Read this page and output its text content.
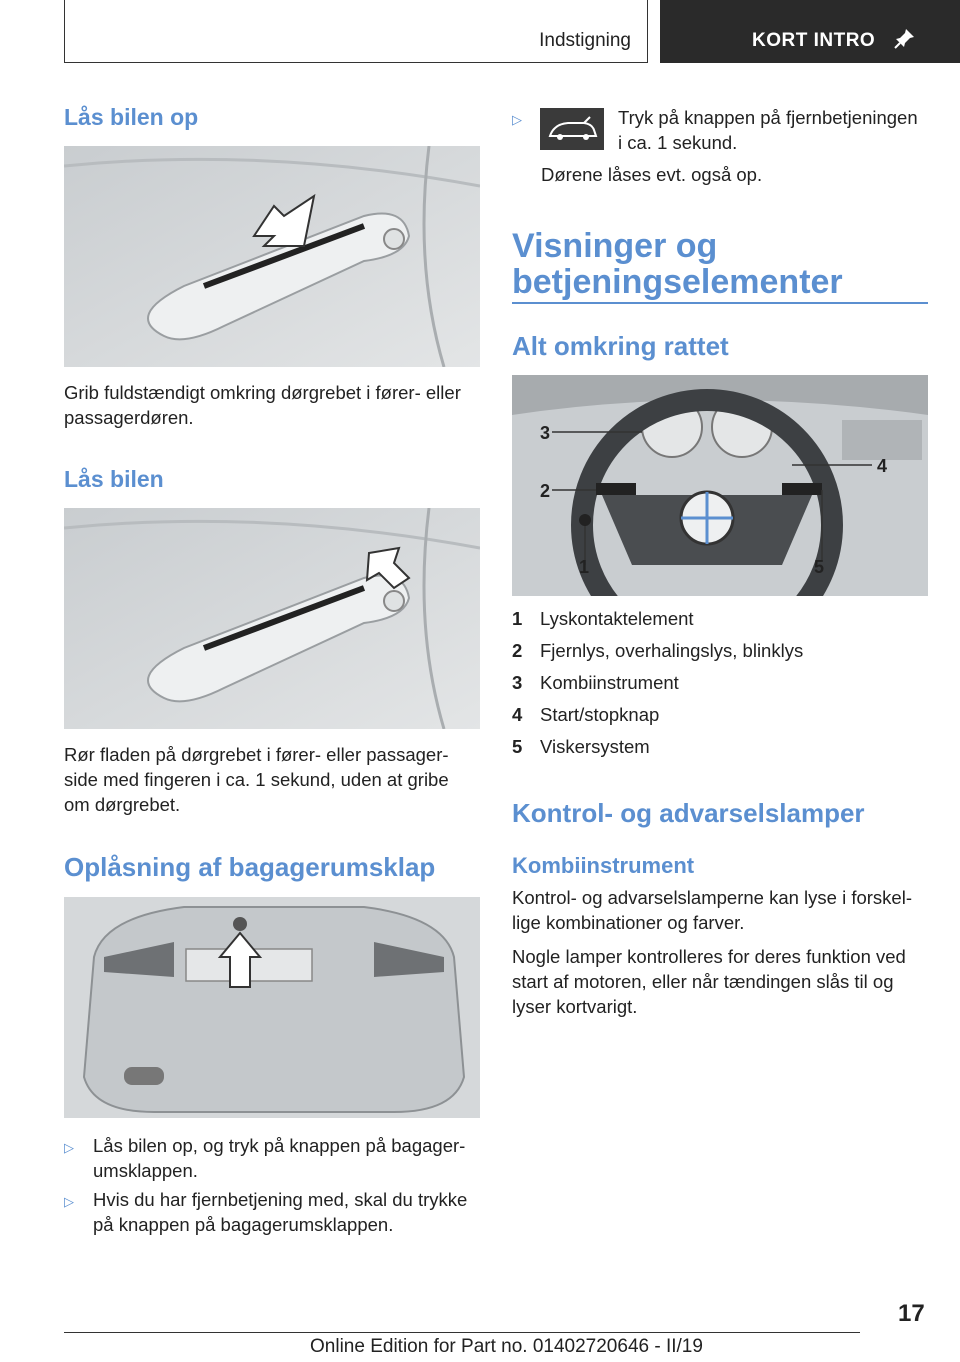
Indstigning	KORT INTRO
Lås bilen op
Grib fuldstændigt omkring dørgrebet i fører- eller
passagerdøren.
Lås bilen
Rør fladen på dørgrebet i fører- eller passager-
side med fingeren i ca. 1 sekund, uden at gribe
om dørgrebet.
Oplåsning af bagagerumsklap
▷ Lås bilen op, og tryk på knappen på bagager-
umsklappen.
▷ Hvis du har fjernbetjening med, skal du trykke
på knappen på bagagerumsklappen.
▷	Tryk på knappen på fjernbetjeningen
i ca. 1 sekund.
Dørene låses evt. også op.
Visninger og
betjeningselementer
Alt omkring rattet
3
2
1
4
5
1 Lyskontaktelement
2 Fjernlys, overhalingslys, blinklys
3 Kombiinstrument
4 Start/stopknap
5 Viskersystem
Kontrol- og advarselslamper
Kombiinstrument
Kontrol- og advarselslamperne kan lyse i forskel-
lige kombinationer og farver.
Nogle lamper kontrolleres for deres funktion ved
start af motoren, eller når tændingen slås til og
lyser kortvarigt.
17
Online Edition for Part no. 01402720646 - II/19
